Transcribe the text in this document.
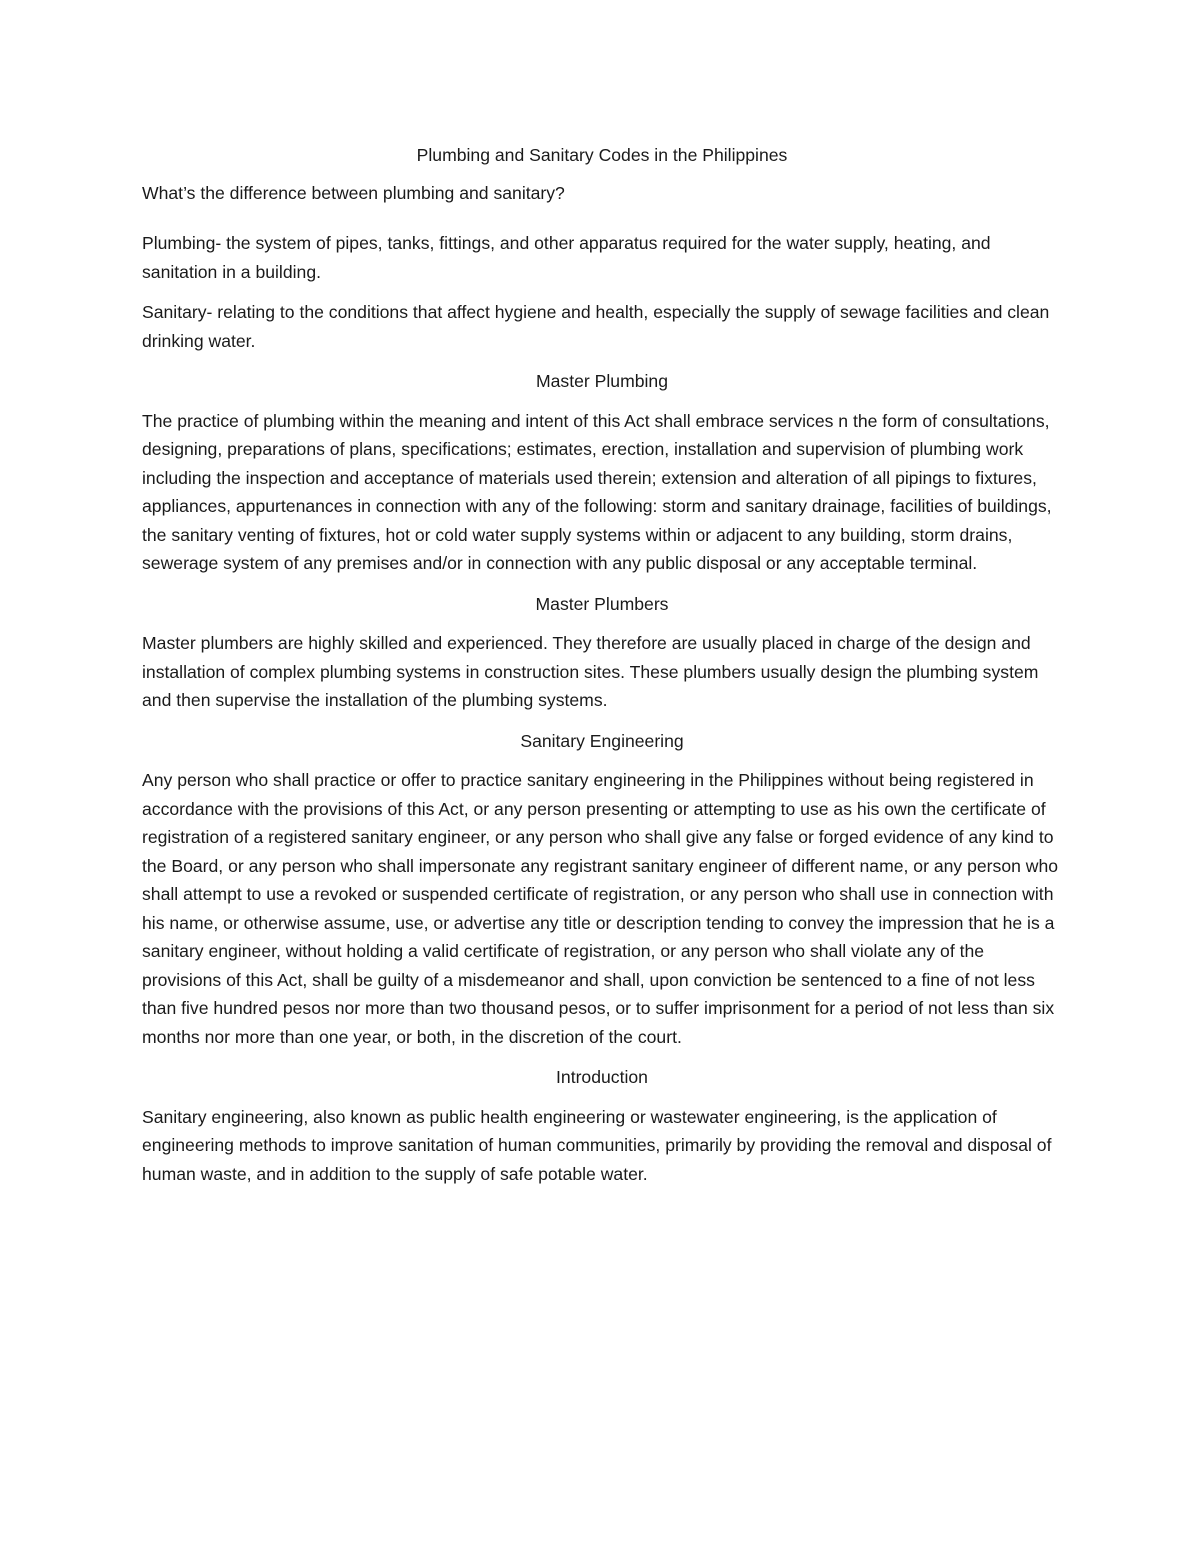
Plumbing and Sanitary Codes in the Philippines
What’s the difference between plumbing and sanitary?
Plumbing- the system of pipes, tanks, fittings, and other apparatus required for the water supply, heating, and sanitation in a building.
Sanitary- relating to the conditions that affect hygiene and health, especially the supply of sewage facilities and clean drinking water.
Master Plumbing
The practice of plumbing within the meaning and intent of this Act shall embrace services n the form of consultations, designing, preparations of plans, specifications; estimates, erection, installation and supervision of plumbing work including the inspection and acceptance of materials used therein; extension and alteration of all pipings to fixtures, appliances, appurtenances in connection with any of the following: storm and sanitary drainage, facilities of buildings, the sanitary venting of fixtures, hot or cold water supply systems within or adjacent to any building, storm drains, sewerage system of any premises and/or in connection with any public disposal or any acceptable terminal.
Master Plumbers
Master plumbers are highly skilled and experienced. They therefore are usually placed in charge of the design and installation of complex plumbing systems in construction sites. These plumbers usually design the plumbing system and then supervise the installation of the plumbing systems.
Sanitary Engineering
Any person who shall practice or offer to practice sanitary engineering in the Philippines without being registered in accordance with the provisions of this Act, or any person presenting or attempting to use as his own the certificate of registration of a registered sanitary engineer, or any person who shall give any false or forged evidence of any kind to the Board, or any person who shall impersonate any registrant sanitary engineer of different name, or any person who shall attempt to use a revoked or suspended certificate of registration, or any person who shall use in connection with his name, or otherwise assume, use, or advertise any title or description tending to convey the impression that he is a sanitary engineer, without holding a valid certificate of registration, or any person who shall violate any of the provisions of this Act, shall be guilty of a misdemeanor and shall, upon conviction be sentenced to a fine of not less than five hundred pesos nor more than two thousand pesos, or to suffer imprisonment for a period of not less than six months nor more than one year, or both, in the discretion of the court.
Introduction
Sanitary engineering, also known as public health engineering or wastewater engineering, is the application of engineering methods to improve sanitation of human communities, primarily by providing the removal and disposal of human waste, and in addition to the supply of safe potable water.
